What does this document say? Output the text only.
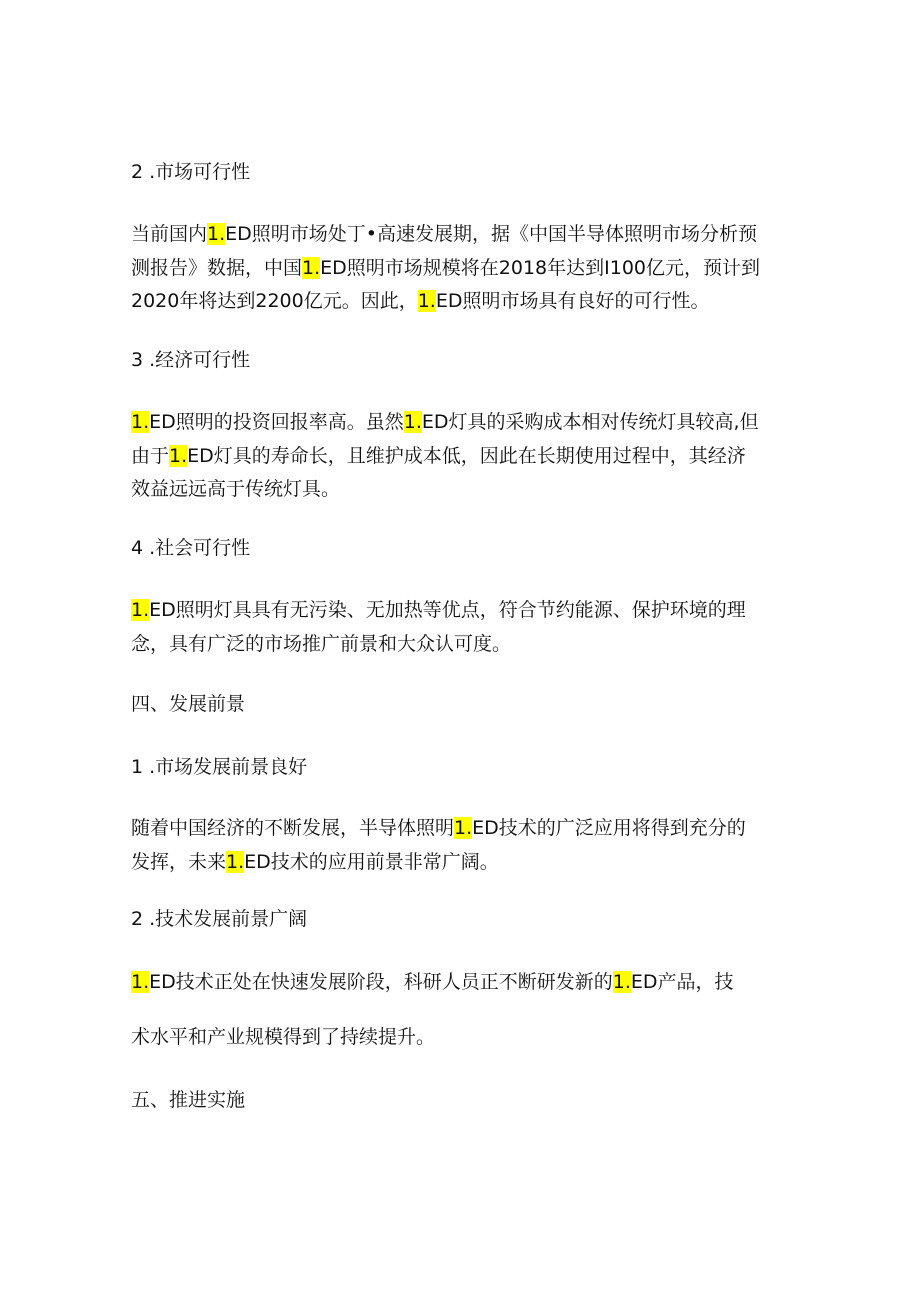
2 .市场可行性

当前国内1.ED照明市场处丁•高速发展期，据《中国半导体照明市场分析预

测报告》数据，中国1.ED照明市场规模将在2018年达到I100亿元，预计到

2020年将达到2200亿元。因此，1.ED照明市场具有良好的可行性。

3 .经济可行性

1.ED照明的投资回报率高。虽然1.ED灯具的采购成本相对传统灯具较高,但

由于1.ED灯具的寿命长，且维护成本低，因此在长期使用过程中，其经济

效益远远高于传统灯具。

4 .社会可行性

1.ED照明灯具具有无污染、无加热等优点，符合节约能源、保护环境的理

念，具有广泛的市场推广前景和大众认可度。

四、发展前景

1 .市场发展前景良好

随着中国经济的不断发展，半导体照明1.ED技术的广泛应用将得到充分的

发挥，未来1.ED技术的应用前景非常广阔。

2 .技术发展前景广阔

1.ED技术正处在快速发展阶段，科研人员正不断研发新的1.ED产品，技

术水平和产业规模得到了持续提升。

五、推进实施
